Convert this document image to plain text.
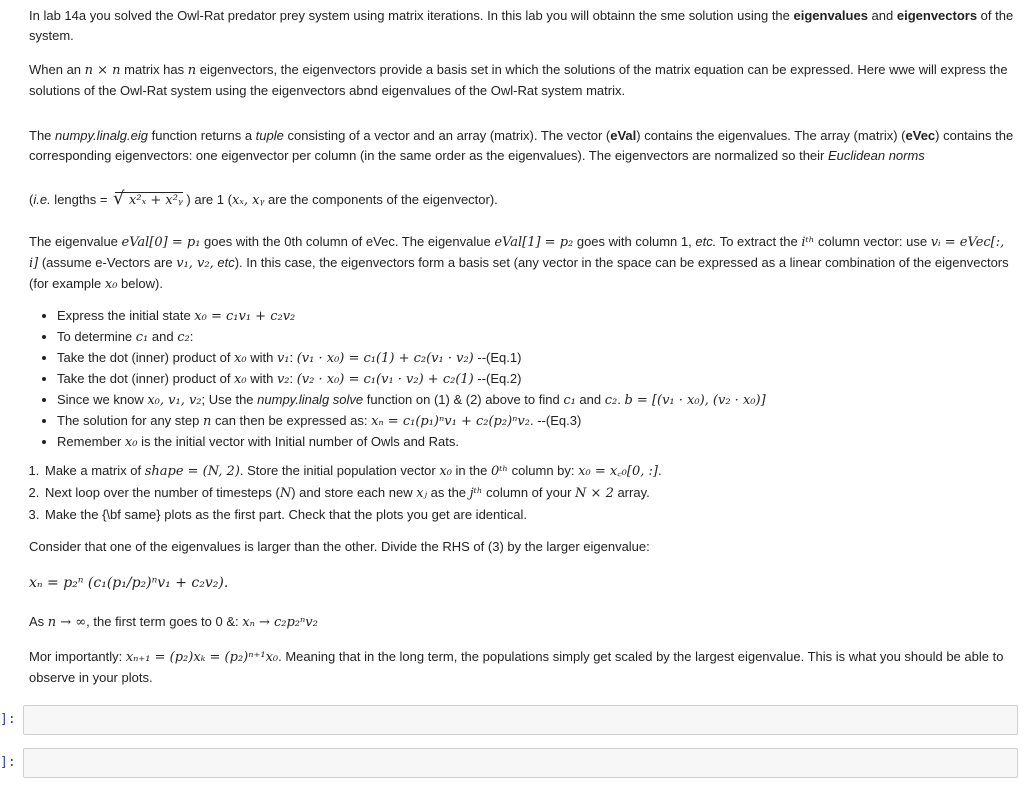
In lab 14a you solved the Owl-Rat predator prey system using matrix iterations. In this lab you will obtainn the sme solution using the eigenvalues and eigenvectors of the system.

When an n × n matrix has n eigenvectors, the eigenvectors provide a basis set in which the solutions of the matrix equation can be expressed. Here wwe will express the solutions of the Owl-Rat system using the eigenvectors abnd eigenvalues of the Owl-Rat system matrix.

The numpy.linalg.eig function returns a tuple consisting of a vector and an array (matrix). The vector (eVal) contains the eigenvalues. The array (matrix) (eVec) contains the corresponding eigenvectors: one eigenvector per column (in the same order as the eigenvalues). The eigenvectors are normalized so their Euclidean norms

(i.e. lengths = √ x²ₓ + x²ᵧ ) are 1 (xₓ, xᵧ are the components of the eigenvector).

The eigenvalue eVal[0] = p₁ goes with the 0th column of eVec. The eigenvalue eVal[1] = p₂ goes with column 1, etc. To extract the iᵗʰ column vector: use vᵢ = eVec[:, i] (assume e-Vectors are v₁, v₂, etc). In this case, the eigenvectors form a basis set (any vector in the space can be expressed as a linear combination of the eigenvectors (for example x₀ below).

• Express the initial state x₀ = c₁v₁ + c₂v₂
• To determine c₁ and c₂:
• Take the dot (inner) product of x₀ with v₁: (v₁ · x₀) = c₁(1) + c₂(v₁ · v₂) --(Eq.1)
• Take the dot (inner) product of x₀ with v₂: (v₂ · x₀) = c₁(v₁ · v₂) + c₂(1) --(Eq.2)
• Since we know x₀, v₁, v₂; Use the numpy.linalg solve function on (1) & (2) above to find c₁ and c₂. b = [(v₁ · x₀), (v₂ · x₀)]
• The solution for any step n can then be expressed as: xₙ = c₁(p₁)ⁿv₁ + c₂(p₂)ⁿv₂. --(Eq.3)
• Remember x₀ is the initial vector with Initial number of Owls and Rats.
1. Make a matrix of shape = (N, 2). Store the initial population vector x₀ in the 0ᵗʰ column by: x₀ = x꜀₀[0, :].
2. Next loop over the number of timesteps (N) and store each new xⱼ as the jᵗʰ column of your N × 2 array.
3. Make the {\bf same} plots as the first part. Check that the plots you get are identical.

Consider that one of the eigenvalues is larger than the other. Divide the RHS of (3) by the larger eigenvalue:

xₙ = p₂ⁿ (c₁(p₁/p₂)ⁿv₁ + c₂v₂).

As n → ∞, the first term goes to 0 &: xₙ → c₂p₂ⁿv₂

Mor importantly: xₙ₊₁ = (p₂)xₖ = (p₂)ⁿ⁺¹x₀. Meaning that in the long term, the populations simply get scaled by the largest eigenvalue. This is what you should be able to observe in your plots.

]:
]:
